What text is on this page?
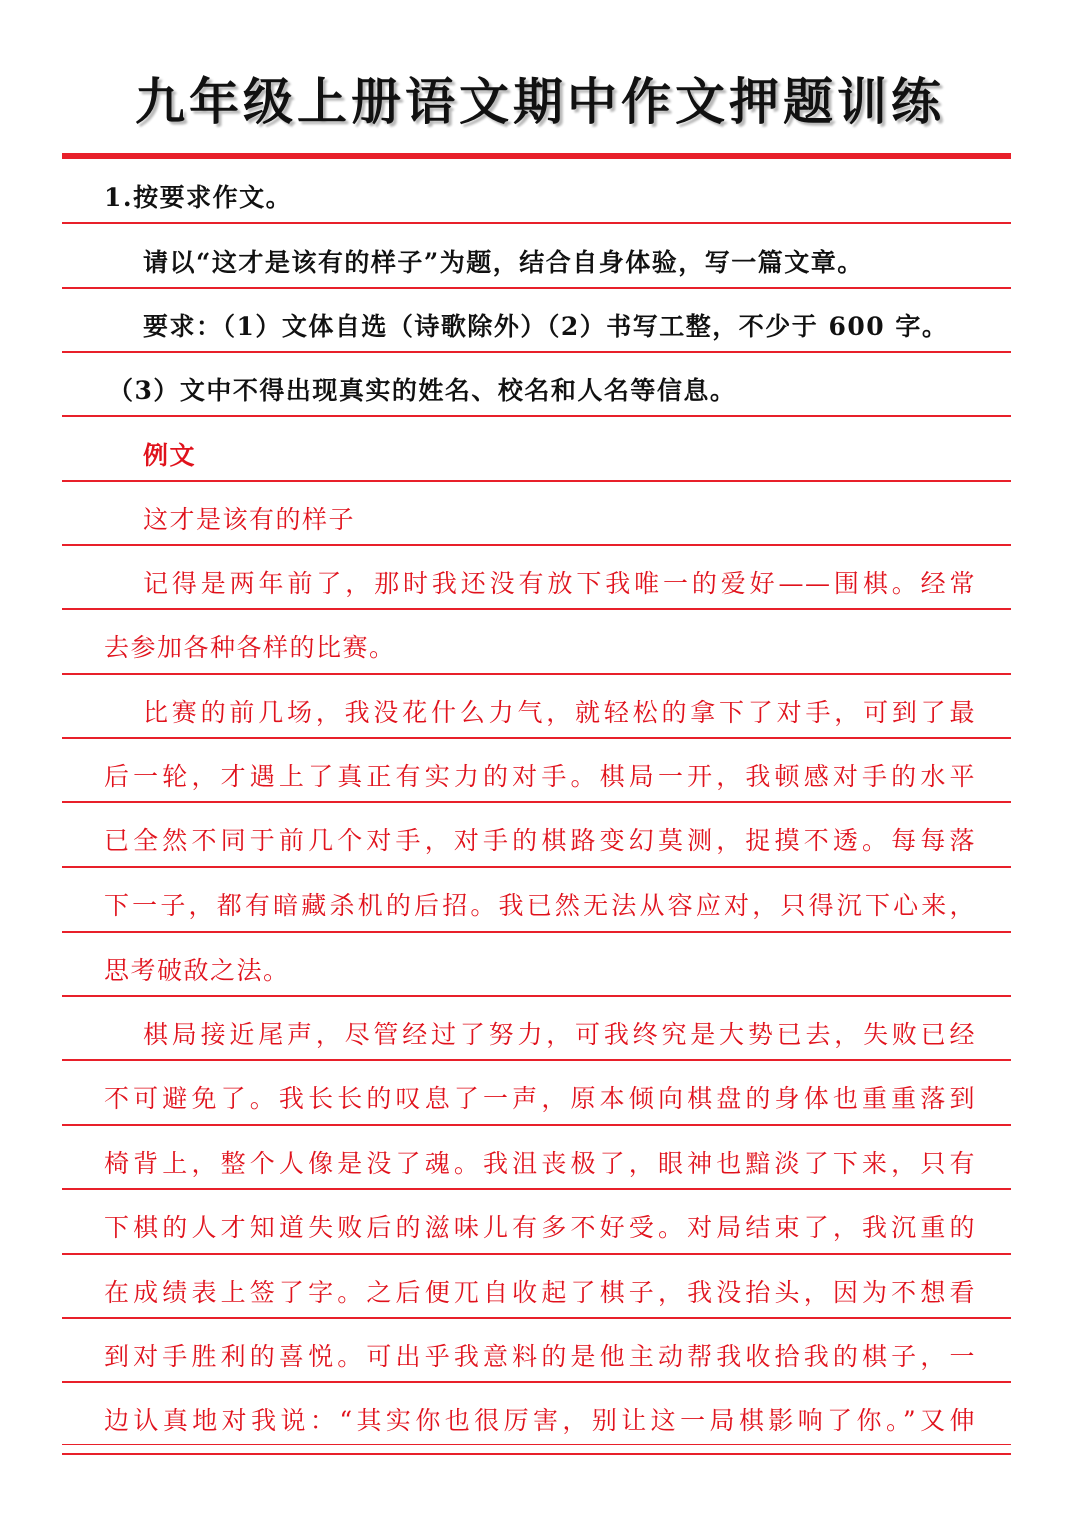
九年级上册语文期中作文押题训练
1.按要求作文。
请以“这才是该有的样子”为题，结合自身体验，写一篇文章。
要求：（1）文体自选（诗歌除外）（2）书写工整，不少于 600 字。
（3）文中不得出现真实的姓名、校名和人名等信息。
例文
这才是该有的样子
记得是两年前了，那时我还没有放下我唯一的爱好——围棋。经常
去参加各种各样的比赛。
比赛的前几场，我没花什么力气，就轻松的拿下了对手，可到了最
后一轮，才遇上了真正有实力的对手。棋局一开，我顿感对手的水平
已全然不同于前几个对手，对手的棋路变幻莫测，捉摸不透。每每落
下一子，都有暗藏杀机的后招。我已然无法从容应对，只得沉下心来，
思考破敌之法。
棋局接近尾声，尽管经过了努力，可我终究是大势已去，失败已经
不可避免了。我长长的叹息了一声，原本倾向棋盘的身体也重重落到
椅背上，整个人像是没了魂。我沮丧极了，眼神也黯淡了下来，只有
下棋的人才知道失败后的滋味儿有多不好受。对局结束了，我沉重的
在成绩表上签了字。之后便兀自收起了棋子，我没抬头，因为不想看
到对手胜利的喜悦。可出乎我意料的是他主动帮我收拾我的棋子，一
边认真地对我说：“其实你也很厉害，别让这一局棋影响了你。”又伸
